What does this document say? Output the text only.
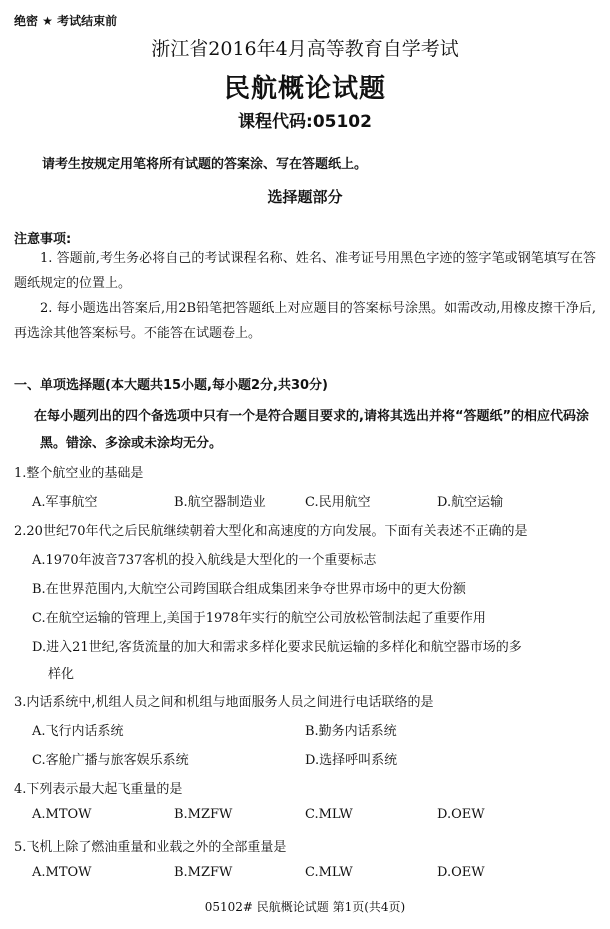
绝密 ★ 考试结束前
浙江省2016年4月高等教育自学考试
民航概论试题
课程代码:05102
请考生按规定用笔将所有试题的答案涂、写在答题纸上。
选择题部分
注意事项:
1. 答题前,考生务必将自己的考试课程名称、姓名、准考证号用黑色字迹的签字笔或钢笔填写在答题纸规定的位置上。
2. 每小题选出答案后,用2B铅笔把答题纸上对应题目的答案标号涂黑。如需改动,用橡皮擦干净后,再选涂其他答案标号。不能答在试题卷上。
一、单项选择题(本大题共15小题,每小题2分,共30分)
在每小题列出的四个备选项中只有一个是符合题目要求的,请将其选出并将“答题纸”的相应代码涂黑。错涂、多涂或未涂均无分。
1.整个航空业的基础是
A.军事航空	B.航空器制造业	C.民用航空	D.航空运输
2.20世纪70年代之后民航继续朝着大型化和高速度的方向发展。下面有关表述不正确的是
A.1970年波音737客机的投入航线是大型化的一个重要标志
B.在世界范围内,大航空公司跨国联合组成集团来争夺世界市场中的更大份额
C.在航空运输的管理上,美国于1978年实行的航空公司放松管制法起了重要作用
D.进入21世纪,客货流量的加大和需求多样化要求民航运输的多样化和航空器市场的多
样化
3.内话系统中,机组人员之间和机组与地面服务人员之间进行电话联络的是
A.飞行内话系统	B.勤务内话系统
C.客舱广播与旅客娱乐系统	D.选择呼叫系统
4.下列表示最大起飞重量的是
A.MTOW	B.MZFW	C.MLW	D.OEW
5.飞机上除了燃油重量和业载之外的全部重量是
A.MTOW	B.MZFW	C.MLW	D.OEW
05102# 民航概论试题 第1页(共4页)
